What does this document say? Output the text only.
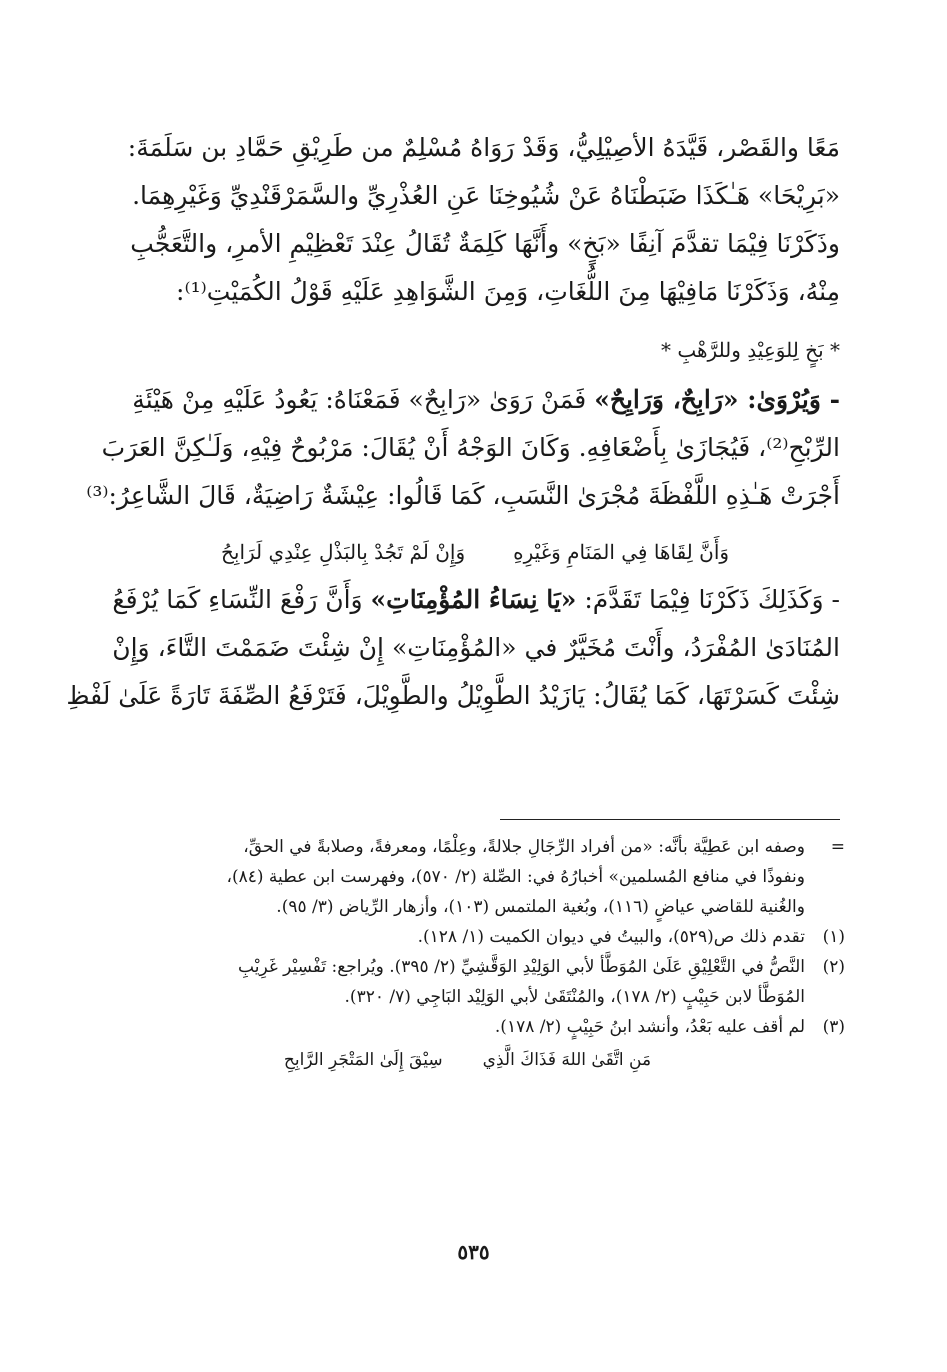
مَعًا والقَصْر، قَيَّدَهُ الأصِيْلِيُّ، وَقَدْ رَوَاهُ مُسْلِمٌ من طَرِيْقِ حَمَّادِ بن سَلَمَةَ:
«بَرِيْحَا» هَـٰكَذَا ضَبَطْنَاهُ عَنْ شُيُوخِنَا عَنِ العُذْرِيِّ والسَّمَرْقَنْدِيِّ وَغَيْرِهِمَا.
وذَكَرْنَا فِيْمَا تقدَّمَ آنِفًا «بَخٍ» وأَنَّهَا كَلِمَةٌ تُقَالُ عِنْدَ تَعْظِيْمِ الأمرِ، والتَّعَجُّبِ
مِنْهُ، وَذَكَرْنَا مَافِيْهَا مِنَ اللُّغَاتِ، وَمِنَ الشَّوَاهِدِ عَلَيْهِ قَوْلُ الكُمَيْتِ⁽¹⁾:
* بَخٍ لِلوَعِيْدِ وللرَّهْبِ *
- وَيُرْوَىٰ: «رَابِحٌ، وَرَايِحٌ» فَمَنْ رَوَىٰ «رَابِحٌ» فَمَعْنَاهُ: يَعُودُ عَلَيْهِ مِنْ هَيْئَةِ
الرِّبْحِ⁽²⁾، فَيُجَازَىٰ بِأَضْعَافِهِ. وَكَانَ الوَجْهُ أَنْ يُقَالَ: مَرْبُوحٌ فِيْهِ، وَلَـٰكِنَّ العَرَبَ
أَجْرَتْ هَـٰذِهِ اللَّفْظَةَ مُجْرَىٰ النَّسَبِ، كَمَا قَالُوا: عِيْشَةٌ رَاضِيَةٌ، قَالَ الشَّاعِرُ:⁽³⁾
وَأَنَّ لِقَاهَا فِي المَنَامِ وَغَيْرِهِ
وَإِنْ لَمْ تَجُدْ بِالبَذْلِ عِنْدِي لَرَابِحُ
- وَكَذَلِكَ ذَكَرْنَا فِيْمَا تَقَدَّمَ: «يَا نِسَاءُ المُؤْمِنَاتِ» وَأَنَّ رَفْعَ النِّسَاءِ كَمَا يُرْفَعُ
المُنَادَىٰ المُفْرَدُ، وأَنْتَ مُخَيَّرٌ في «المُؤْمِنَاتِ» إِنْ شِئْتَ ضَمَمْتَ التَّاءَ، وَإِنْ
شِئْتَ كَسَرْتَهَا، كَمَا يُقَالُ: يَازَيْدُ الطَّوِيْلُ والطَّوِيْلَ، فَتَرْفَعُ الصِّفَةَ تَارَةً عَلَىٰ لَفْظِ
=
وصفه ابن عَطِيَّة بأنَّه: «من أفراد الرِّجَالِ جلالةً، وعِلْمًا، ومعرفةً، وصلابةً في الحقِّ،
ونفوذًا في منافع المُسلمين» أخبارُهُ في: الصِّلة (٢/ ٥٧٠)، وفهرست ابن عطية (٨٤)،
والغُنية للقاضي عياضٍ (١١٦)، وبُغية الملتمس (١٠٣)، وأزهار الرِّياض (٣/ ٩٥).
(١)
تقدم ذلك ص(٥٢٩)، والبيتُ في ديوان الكميت (١/ ١٢٨).
(٢)
النَّصُّ في التَّعْلِيْقِ عَلَىٰ المُوَطَّأ لأبي الوَلِيْدِ الوَقَّشِيِّ (٢/ ٣٩٥). ويُراجع: تَفْسِيْر غَرِيْبِ
المُوَطَّأ لابن حَبِيْبٍ (٢/ ١٧٨)، والمُنْتَقَىٰ لأبي الوَلِيْد البَاجِي (٧/ ٣٢٠).
(٣)
لم أقف عليه بَعْدُ، وأنشد ابنُ حَبِيْبٍ (٢/ ١٧٨).
مَنِ اتَّقَىٰ اللهَ فَذَاكَ الَّذِي
سِيْقَ إِلَىٰ المَتْجَرِ الرَّابِحِ
٥٣٥
